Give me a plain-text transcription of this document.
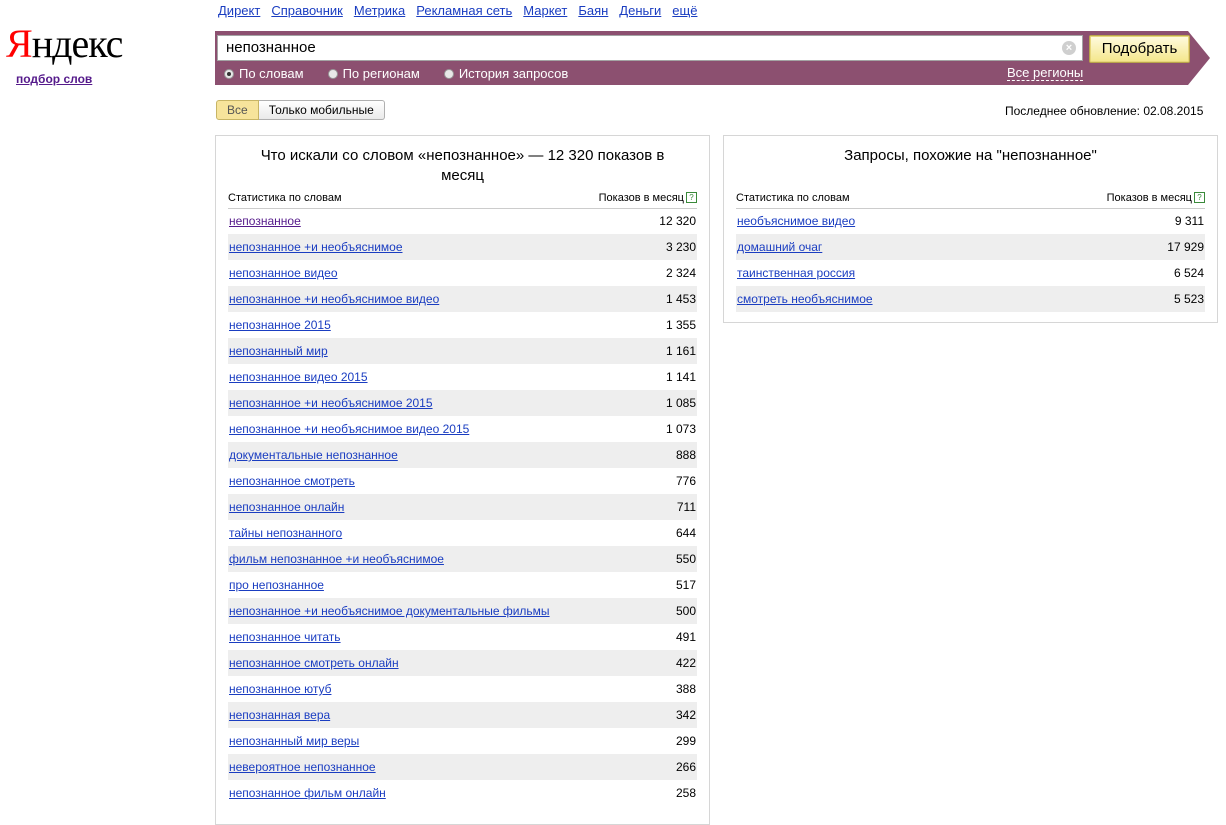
Яндекс
подбор слов
Директ Справочник Метрика Рекламная сеть Маркет Баян Деньги ещё
непознанное	×	Подобрать
По словам	По регионам	История запросов	Все регионы
Все	Только мобильные	Последнее обновление: 02.08.2015
Что искали со словом «непознанное» — 12 320 показов в месяц
Статистика по словам	Показов в месяц ?
непознанное	12 320
непознанное +и необъяснимое	3 230
непознанное видео	2 324
непознанное +и необъяснимое видео	1 453
непознанное 2015	1 355
непознанный мир	1 161
непознанное видео 2015	1 141
непознанное +и необъяснимое 2015	1 085
непознанное +и необъяснимое видео 2015	1 073
документальные непознанное	888
непознанное смотреть	776
непознанное онлайн	711
тайны непознанного	644
фильм непознанное +и необъяснимое	550
про непознанное	517
непознанное +и необъяснимое документальные фильмы	500
непознанное читать	491
непознанное смотреть онлайн	422
непознанное ютуб	388
непознанная вера	342
непознанный мир веры	299
невероятное непознанное	266
непознанное фильм онлайн	258
Запросы, похожие на "непознанное"
Статистика по словам	Показов в месяц ?
необъяснимое видео	9 311
домашний очаг	17 929
таинственная россия	6 524
смотреть необъяснимое	5 523
